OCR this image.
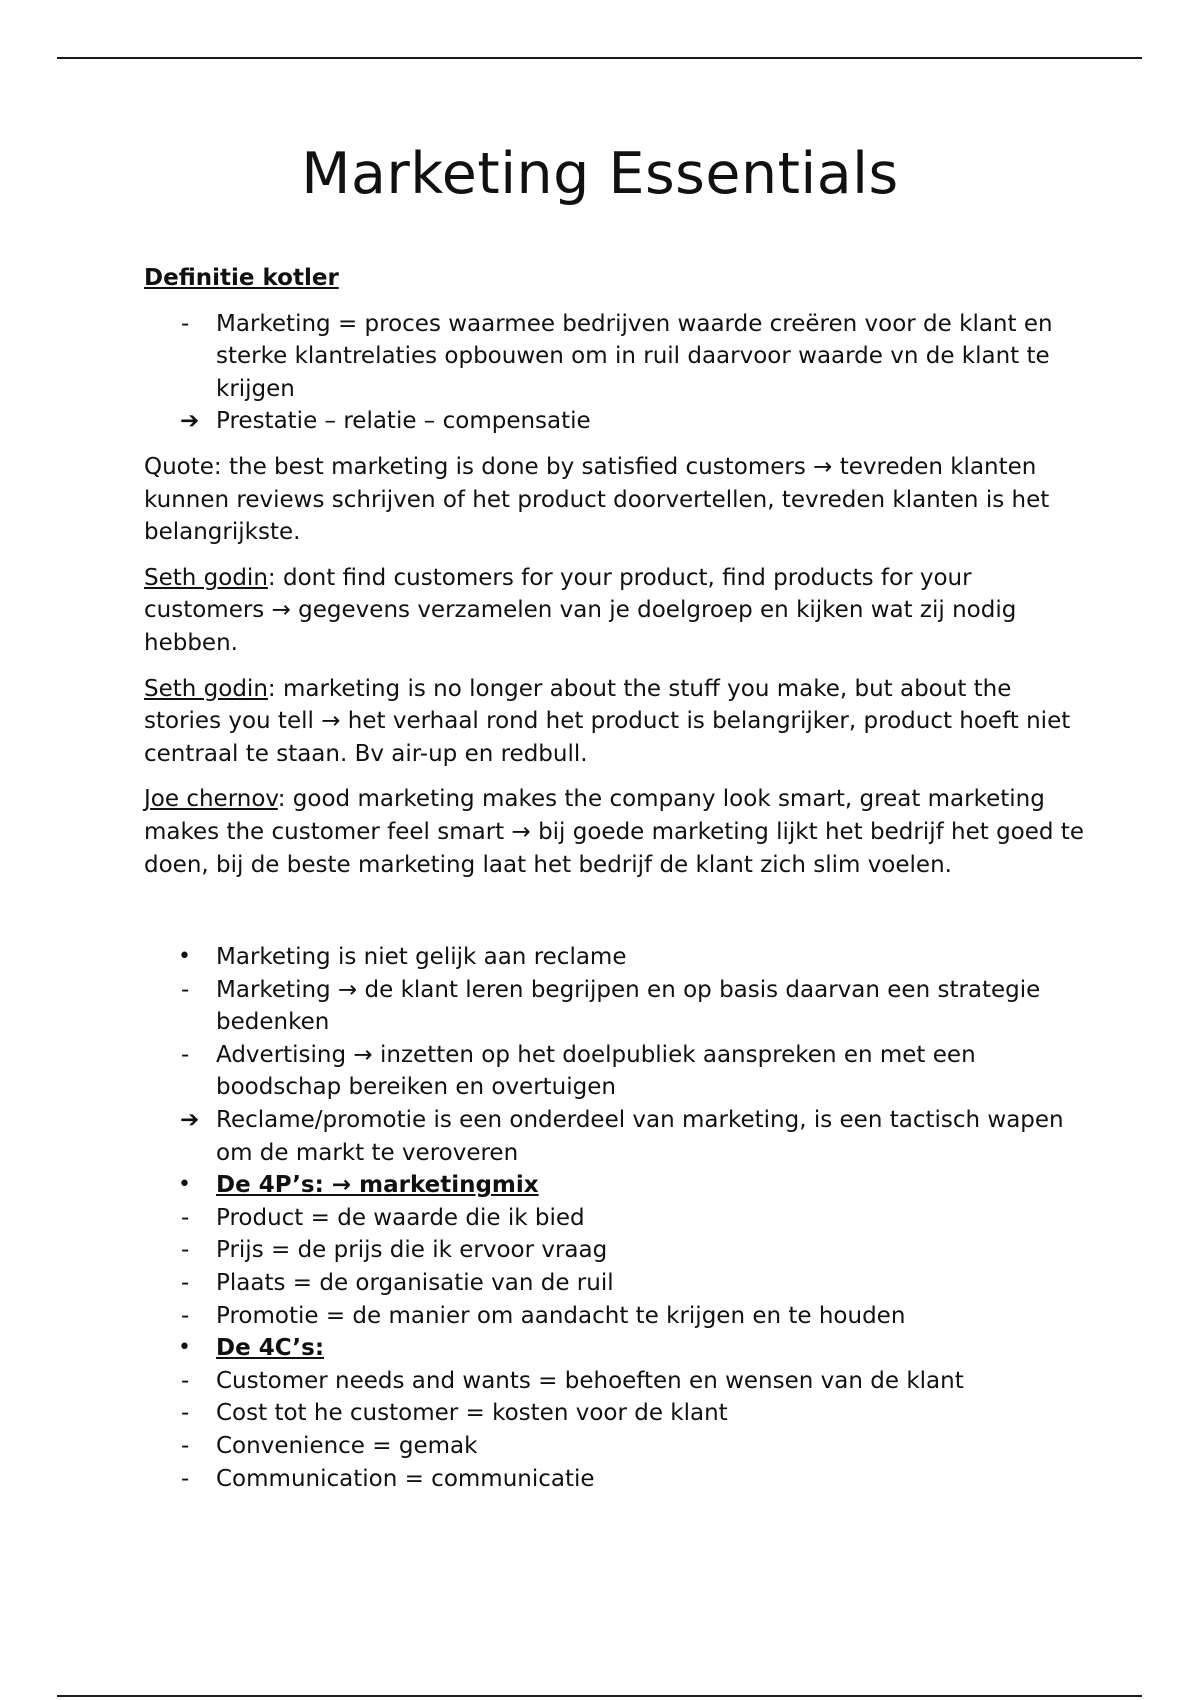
Marketing Essentials
Definitie kotler
-	Marketing = proces waarmee bedrijven waarde creëren voor de klant en sterke klantrelaties opbouwen om in ruil daarvoor waarde vn de klant te krijgen
➔ Prestatie – relatie – compensatie

Quote: the best marketing is done by satisfied customers → tevreden klanten kunnen reviews schrijven of het product doorvertellen, tevreden klanten is het belangrijkste.

Seth godin: dont find customers for your product, find products for your customers → gegevens verzamelen van je doelgroep en kijken wat zij nodig hebben.

Seth godin: marketing is no longer about the stuff you make, but about the stories you tell → het verhaal rond het product is belangrijker, product hoeft niet centraal te staan. Bv air-up en redbull.

Joe chernov: good marketing makes the company look smart, great marketing makes the customer feel smart → bij goede marketing lijkt het bedrijf het goed te doen, bij de beste marketing laat het bedrijf de klant zich slim voelen.

•	Marketing is niet gelijk aan reclame
-	Marketing → de klant leren begrijpen en op basis daarvan een strategie bedenken
-	Advertising → inzetten op het doelpubliek aanspreken en met een boodschap bereiken en overtuigen
➔ Reclame/promotie is een onderdeel van marketing, is een tactisch wapen om de markt te veroveren
•	De 4P’s: → marketingmix
-	Product = de waarde die ik bied
-	Prijs = de prijs die ik ervoor vraag
-	Plaats = de organisatie van de ruil
-	Promotie = de manier om aandacht te krijgen en te houden
•	De 4C’s:
-	Customer needs and wants = behoeften en wensen van de klant
-	Cost tot he customer = kosten voor de klant
-	Convenience = gemak
-	Communication = communicatie
